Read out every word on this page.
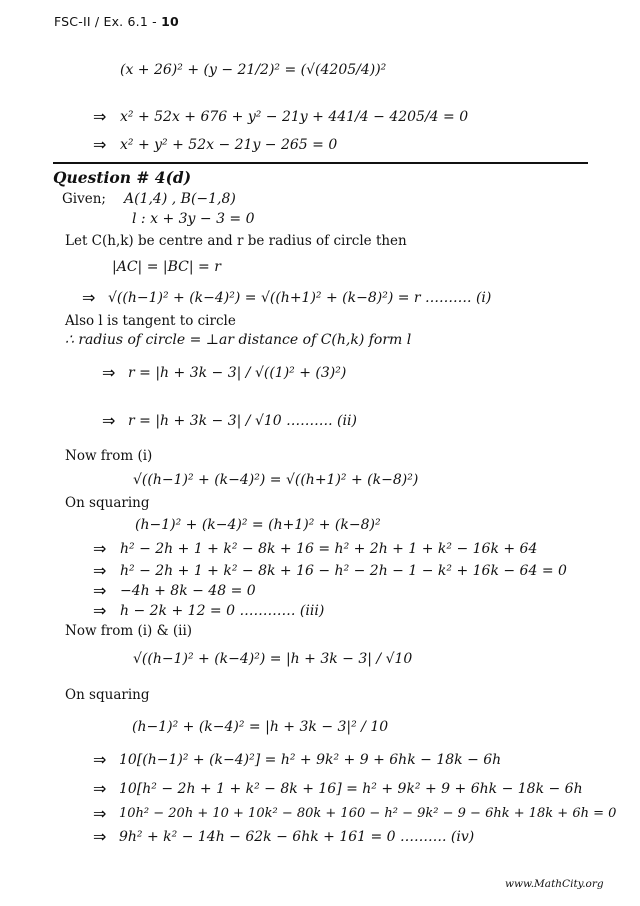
FSC-II / Ex. 6.1 - 10
(x + 26)² + (y − 21/2)² = (√(4205/4))²
⇒ x² + 52x + 676 + y² − 21y + 441/4 − 4205/4 = 0
⇒ x² + y² + 52x − 21y − 265 = 0
Question # 4(d)
Given; A(1,4) , B(−1,8)
l : x + 3y − 3 = 0
Let C(h,k) be centre and r be radius of circle then
|AC| = |BC| = r
⇒ √((h−1)² + (k−4)²) = √((h+1)² + (k−8)²) = r ………. (i)
Also l is tangent to circle
∴ radius of circle = ⊥ar distance of C(h,k) form l
⇒ r = |h + 3k − 3| / √((1)² + (3)²)
⇒ r = |h + 3k − 3| / √10 ………. (ii)
Now from (i)
√((h−1)² + (k−4)²) = √((h+1)² + (k−8)²)
On squaring
(h−1)² + (k−4)² = (h+1)² + (k−8)²
⇒ h² − 2h + 1 + k² − 8k + 16 = h² + 2h + 1 + k² − 16k + 64
⇒ h² − 2h + 1 + k² − 8k + 16 − h² − 2h − 1 − k² + 16k − 64 = 0
⇒ −4h + 8k − 48 = 0
⇒ h − 2k + 12 = 0 ………… (iii)
Now from (i) & (ii)
√((h−1)² + (k−4)²) = |h + 3k − 3| / √10
On squaring
(h−1)² + (k−4)² = |h + 3k − 3|² / 10
⇒ 10[(h−1)² + (k−4)²] = h² + 9k² + 9 + 6hk − 18k − 6h
⇒ 10[h² − 2h + 1 + k² − 8k + 16] = h² + 9k² + 9 + 6hk − 18k − 6h
⇒ 10h² − 20h + 10 + 10k² − 80k + 160 − h² − 9k² − 9 − 6hk + 18k + 6h = 0
⇒ 9h² + k² − 14h − 62k − 6hk + 161 = 0 ………. (iv)
www.MathCity.org
